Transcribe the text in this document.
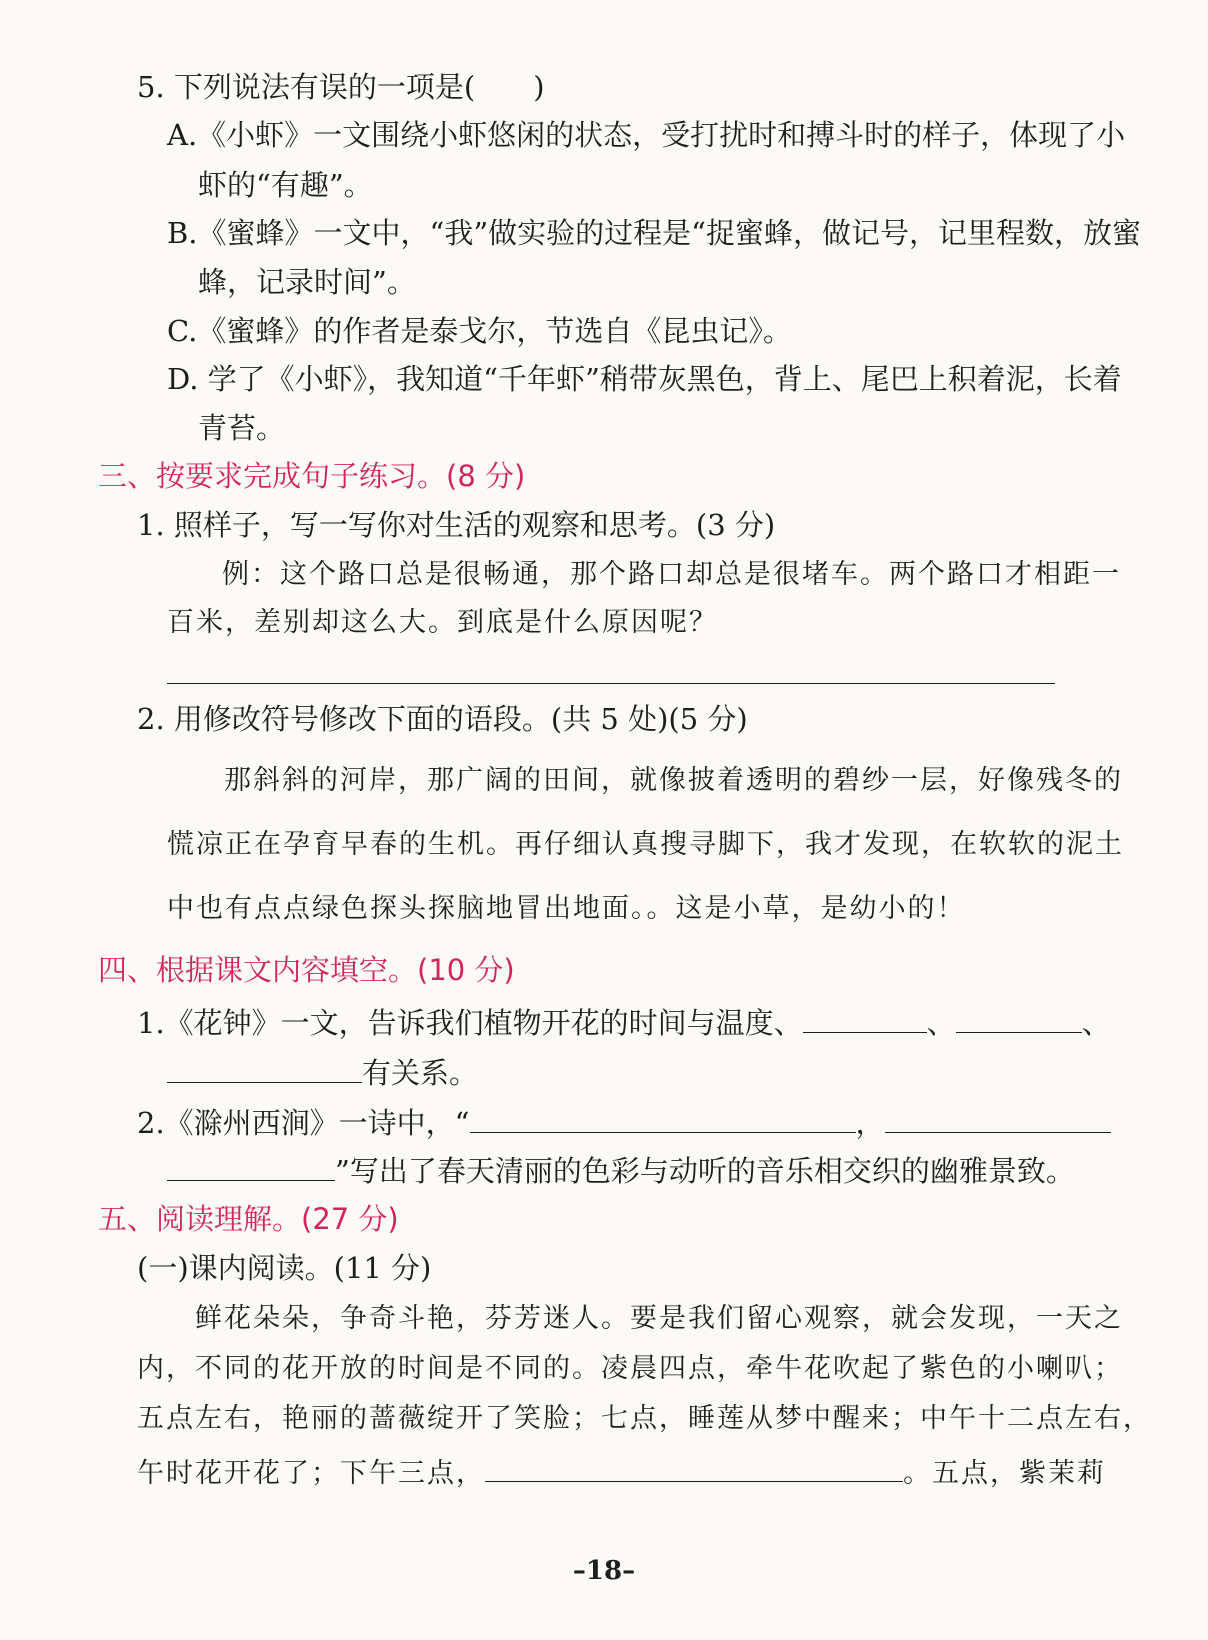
5. 下列说法有误的一项是(　　)
A.《小虾》一文围绕小虾悠闲的状态，受打扰时和搏斗时的样子，体现了小
虾的“有趣”。
B.《蜜蜂》一文中，“我”做实验的过程是“捉蜜蜂，做记号，记里程数，放蜜
蜂，记录时间”。
C.《蜜蜂》的作者是泰戈尔，节选自《昆虫记》。
D. 学了《小虾》，我知道“千年虾”稍带灰黑色，背上、尾巴上积着泥，长着
青苔。
三、按要求完成句子练习。(8 分)
1. 照样子，写一写你对生活的观察和思考。(3 分)
例：这个路口总是很畅通，那个路口却总是很堵车。两个路口才相距一
百米，差别却这么大。到底是什么原因呢？
2. 用修改符号修改下面的语段。(共 5 处)(5 分)
那斜斜的河岸，那广阔的田间，就像披着透明的碧纱一层，好像残冬的
慌凉正在孕育早春的生机。再仔细认真搜寻脚下，我才发现，在软软的泥土
中也有点点绿色探头探脑地冒出地面。。这是小草，是幼小的！
四、根据课文内容填空。(10 分)
1.《花钟》一文，告诉我们植物开花的时间与温度、	、	、
有关系。
2.《滁州西涧》一诗中，“	，
”写出了春天清丽的色彩与动听的音乐相交织的幽雅景致。
五、阅读理解。(27 分)
(一)课内阅读。(11 分)
鲜花朵朵，争奇斗艳，芬芳迷人。要是我们留心观察，就会发现，一天之
内，不同的花开放的时间是不同的。凌晨四点，牵牛花吹起了紫色的小喇叭；
五点左右，艳丽的蔷薇绽开了笑脸；七点，睡莲从梦中醒来；中午十二点左右，
午时花开花了；下午三点，	。五点，紫茉莉
–18–
